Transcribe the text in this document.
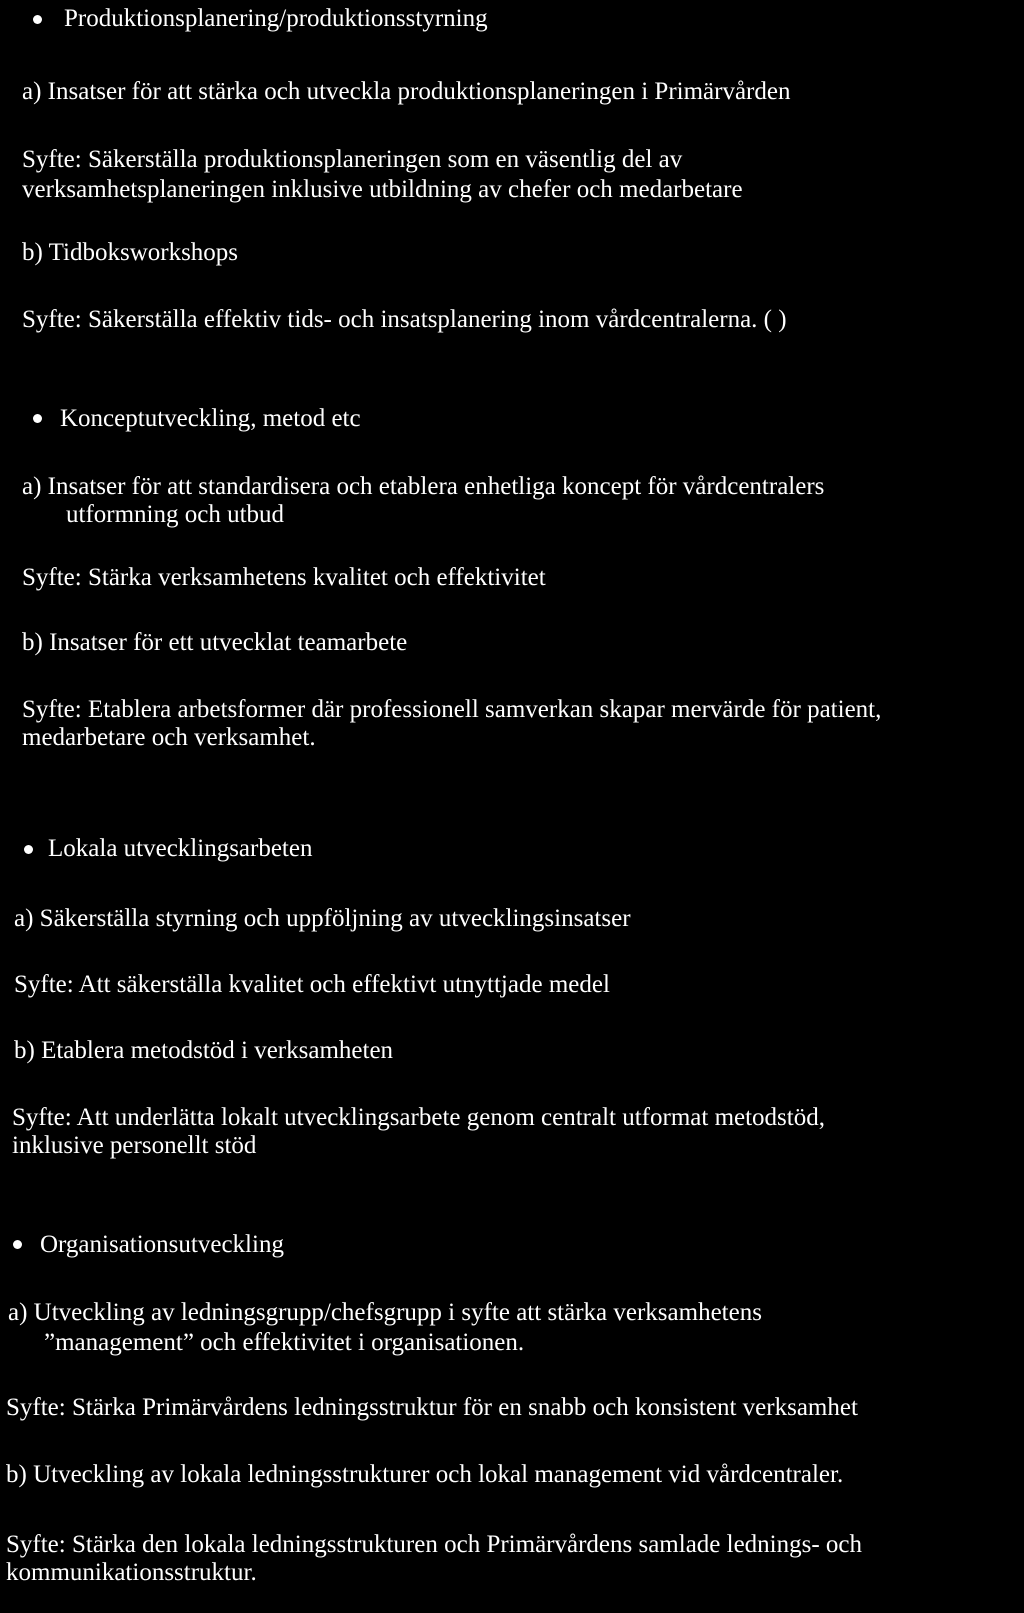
Produktionsplanering/produktionsstyrning

a) Insatser för att stärka och utveckla produktionsplaneringen i Primärvården

Syfte: Säkerställa produktionsplaneringen som en väsentlig del av

verksamhetsplaneringen inklusive utbildning av chefer och medarbetare

b) Tidboksworkshops

Syfte: Säkerställa effektiv tids- och insatsplanering inom vårdcentralerna. ( )

Konceptutveckling, metod etc

a) Insatser för att standardisera och etablera enhetliga koncept för vårdcentralers

utformning och utbud

Syfte: Stärka verksamhetens kvalitet och effektivitet

b) Insatser för ett utvecklat teamarbete

Syfte: Etablera arbetsformer där professionell samverkan skapar mervärde för patient,

medarbetare och verksamhet.

Lokala utvecklingsarbeten

a) Säkerställa styrning och uppföljning av utvecklingsinsatser

Syfte: Att säkerställa kvalitet och effektivt utnyttjade medel

b) Etablera metodstöd i verksamheten

Syfte: Att underlätta lokalt utvecklingsarbete genom centralt utformat metodstöd,

inklusive personellt stöd

Organisationsutveckling

a) Utveckling av ledningsgrupp/chefsgrupp i syfte att stärka verksamhetens

”management” och effektivitet i organisationen.

Syfte: Stärka Primärvårdens ledningsstruktur för en snabb och konsistent verksamhet

b) Utveckling av lokala ledningsstrukturer och lokal management vid vårdcentraler.

Syfte: Stärka den lokala ledningsstrukturen och Primärvårdens samlade lednings- och

kommunikationsstruktur.
